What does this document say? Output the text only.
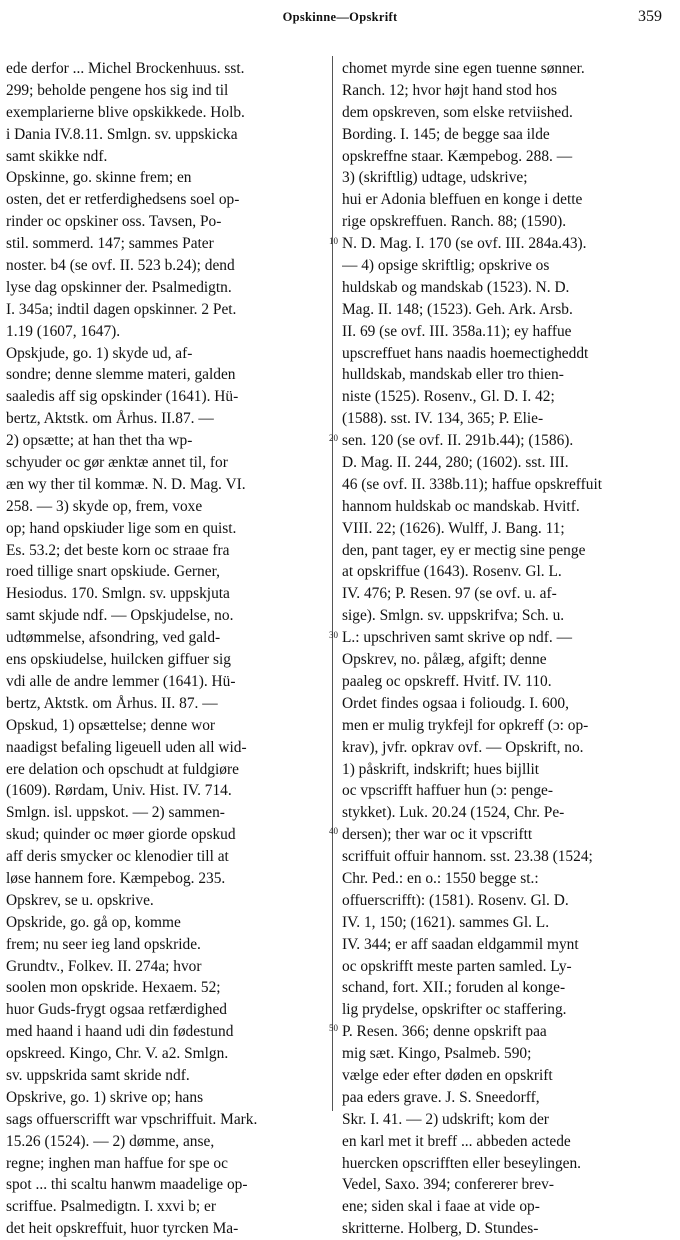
Opskinne—Opskrift	359
ede derfor ... Michel Brockenhuus. sst.
299; beholde pengene hos sig ind til
exemplarierne blive opskikkede. Holb.
i Dania IV.8.11. Smlgn. sv. uppskicka
samt skikke ndf.
Opskinne, go. skinne frem; en
osten, det er retferdighedsens soel op-
rinder oc opskiner oss. Tavsen, Po-
stil. sommerd. 147; sammes Pater
noster. b4 (se ovf. II. 523 b.24); dend
lyse dag opskinner der. Psalmedigtn.
I. 345a; indtil dagen opskinner. 2 Pet.
1.19 (1607, 1647).
Opskjude, go. 1) skyde ud, af-
sondre; denne slemme materi, galden
saaledis aff sig opskinder (1641). Hü-
bertz, Aktstk. om Århus. II.87. —
2) opsætte; at han thet tha wp-
schyuder oc gør ænktæ annet til, for
æn wy ther til kommæ. N. D. Mag. VI.
258. — 3) skyde op, frem, voxe
op; hand opskiuder lige som en quist.
Es. 53.2; det beste korn oc straae fra
roed tillige snart opskiude. Gerner,
Hesiodus. 170. Smlgn. sv. uppskjuta
samt skjude ndf. — Opskjudelse, no.
udtømmelse, afsondring, ved gald-
ens opskiudelse, huilcken giffuer sig
vdi alle de andre lemmer (1641). Hü-
bertz, Aktstk. om Århus. II. 87. —
Opskud, 1) opsættelse; denne wor
naadigst befaling ligeuell uden all wid-
ere delation och opschudt at fuldgiøre
(1609). Rørdam, Univ. Hist. IV. 714.
Smlgn. isl. uppskot. — 2) sammen-
skud; quinder oc møer giorde opskud
aff deris smycker oc klenodier till at
løse hannem fore. Kæmpebog. 235.
Opskrev, se u. opskrive.
Opskride, go. gå op, komme
frem; nu seer ieg land opskride.
Grundtv., Folkev. II. 274a; hvor
soolen mon opskride. Hexaem. 52;
huor Guds-frygt ogsaa retfærdighed
med haand i haand udi din fødestund
opskreed. Kingo, Chr. V. a2. Smlgn.
sv. uppskrida samt skride ndf.
Opskrive, go. 1) skrive op; hans
sags offuerscrifft war vpschriffuit. Mark.
15.26 (1524). — 2) dømme, anse,
regne; inghen man haffue for spe oc
spot ... thi scaltu hanwm maadelige op-
scriffue. Psalmedigtn. I. xxvi b; er
det heit opskreffuit, huor tyrcken Ma-
chomet myrde sine egen tuenne sønner.
Ranch. 12; hvor højt hand stod hos
dem opskreven, som elske retviished.
Bording. I. 145; de begge saa ilde
opskreffne staar. Kæmpebog. 288. —
3) (skriftlig) udtage, udskrive;
hui er Adonia bleffuen en konge i dette
rige opskreffuen. Ranch. 88; (1590).
N. D. Mag. I. 170 (se ovf. III. 284a.43).
— 4) opsige skriftlig; opskrive os
huldskab og mandskab (1523). N. D.
Mag. II. 148; (1523). Geh. Ark. Arsb.
II. 69 (se ovf. III. 358a.11); ey haffue
upscreffuet hans naadis hoemectigheddt
hulldskab, mandskab eller tro thien-
niste (1525). Rosenv., Gl. D. I. 42;
(1588). sst. IV. 134, 365; P. Elie-
sen. 120 (se ovf. II. 291b.44); (1586).
D. Mag. II. 244, 280; (1602). sst. III.
46 (se ovf. II. 338b.11); haffue opskreffuit
hannom huldskab oc mandskab. Hvitf.
VIII. 22; (1626). Wulff, J. Bang. 11;
den, pant tager, ey er mectig sine penge
at opskriffue (1643). Rosenv. Gl. L.
IV. 476; P. Resen. 97 (se ovf. u. af-
sige). Smlgn. sv. uppskrifva; Sch. u.
L.: upschriven samt skrive op ndf. —
Opskrev, no. pålæg, afgift; denne
paaleg oc opskreff. Hvitf. IV. 110.
Ordet findes ogsaa i folioudg. I. 600,
men er mulig trykfejl for opkreff (ɔ: op-
krav), jvfr. opkrav ovf. — Opskrift, no.
1) påskrift, indskrift; hues bijllit
oc vpscrifft haffuer hun (ɔ: penge-
stykket). Luk. 20.24 (1524, Chr. Pe-
dersen); ther war oc it vpscriftt
scriffuit offuir hannom. sst. 23.38 (1524;
Chr. Ped.: en o.: 1550 begge st.:
offuerscrifft): (1581). Rosenv. Gl. D.
IV. 1, 150; (1621). sammes Gl. L.
IV. 344; er aff saadan eldgammil mynt
oc opskrifft meste parten samled. Ly-
schand, fort. XII.; foruden al konge-
lig prydelse, opskrifter oc staffering.
P. Resen. 366; denne opskrift paa
mig sæt. Kingo, Psalmeb. 590;
vælge eder efter døden en opskrift
paa eders grave. J. S. Sneedorff,
Skr. I. 41. — 2) udskrift; kom der
en karl met it breff ... abbeden actede
huercken opscrifften eller beseylingen.
Vedel, Saxo. 394; confererer brev-
ene; siden skal i faae at vide op-
skritterne. Holberg, D. Stundes-
10
20
30
40
50
